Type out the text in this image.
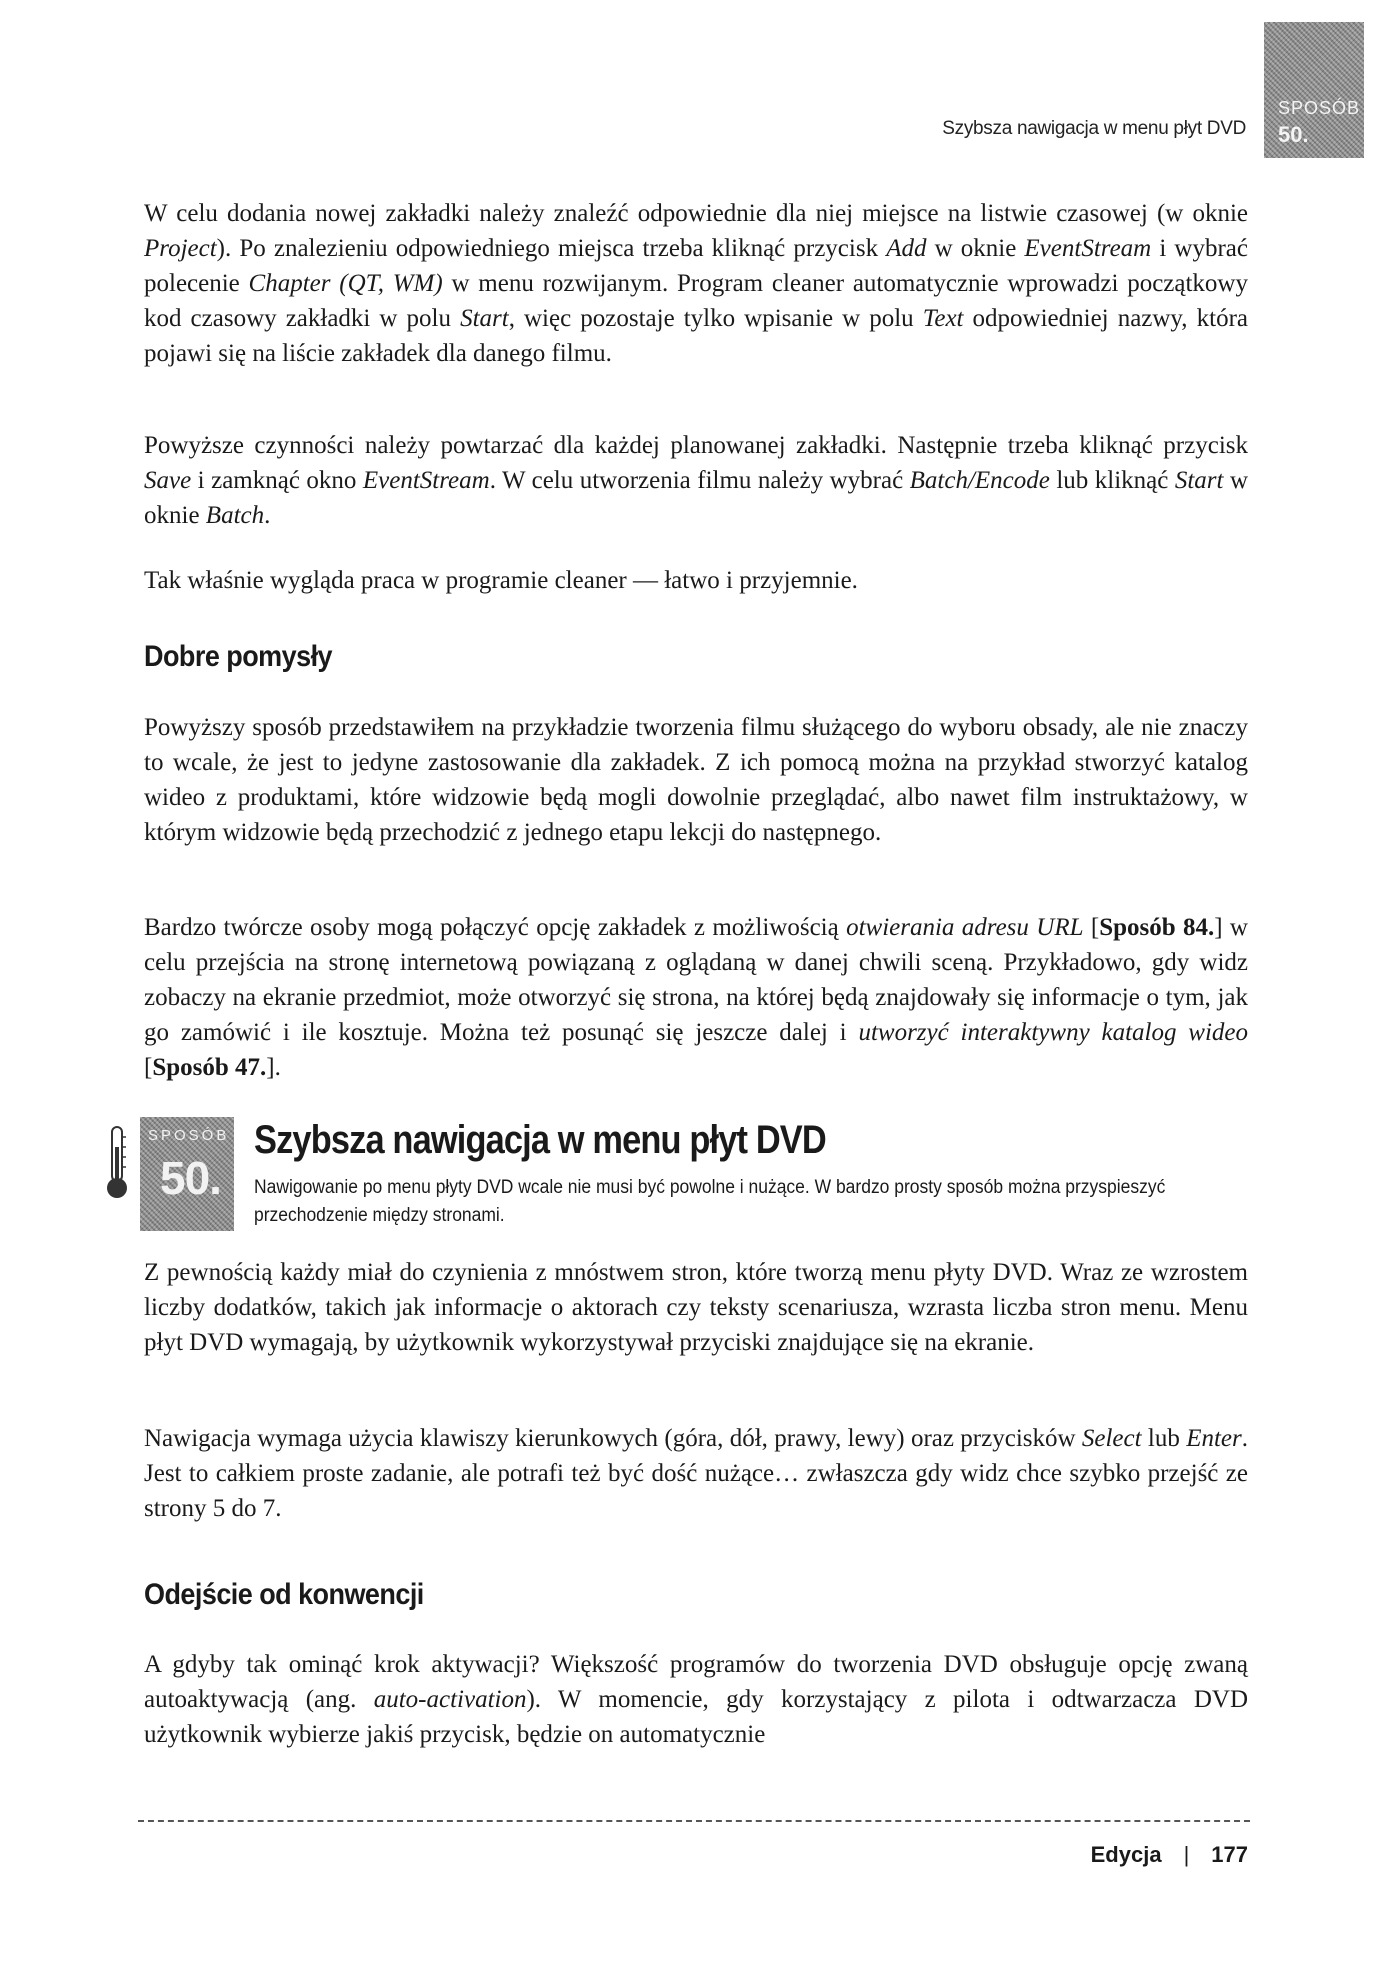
Szybsza nawigacja w menu płyt DVD
SPOSÓB
50.

W celu dodania nowej zakładki należy znaleźć odpowiednie dla niej miejsce na listwie czasowej (w oknie Project). Po znalezieniu odpowiedniego miejsca trzeba kliknąć przycisk Add w oknie EventStream i wybrać polecenie Chapter (QT, WM) w menu rozwijanym. Program cleaner automatycznie wprowadzi początkowy kod czasowy zakładki w polu Start, więc pozostaje tylko wpisanie w polu Text odpowiedniej nazwy, która pojawi się na liście zakładek dla danego filmu.

Powyższe czynności należy powtarzać dla każdej planowanej zakładki. Następnie trzeba kliknąć przycisk Save i zamknąć okno EventStream. W celu utworzenia filmu należy wybrać Batch/Encode lub kliknąć Start w oknie Batch.

Tak właśnie wygląda praca w programie cleaner — łatwo i przyjemnie.

Dobre pomysły

Powyższy sposób przedstawiłem na przykładzie tworzenia filmu służącego do wyboru obsady, ale nie znaczy to wcale, że jest to jedyne zastosowanie dla zakładek. Z ich pomocą można na przykład stworzyć katalog wideo z produktami, które widzowie będą mogli dowolnie przeglądać, albo nawet film instruktażowy, w którym widzowie będą przechodzić z jednego etapu lekcji do następnego.

Bardzo twórcze osoby mogą połączyć opcję zakładek z możliwością otwierania adresu URL [Sposób 84.] w celu przejścia na stronę internetową powiązaną z oglądaną w danej chwili sceną. Przykładowo, gdy widz zobaczy na ekranie przedmiot, może otworzyć się strona, na której będą znajdowały się informacje o tym, jak go zamówić i ile kosztuje. Można też posunąć się jeszcze dalej i utworzyć interaktywny katalog wideo [Sposób 47.].

SPOSÓB
50.
Szybsza nawigacja w menu płyt DVD
Nawigowanie po menu płyty DVD wcale nie musi być powolne i nużące. W bardzo prosty sposób można przyspieszyć przechodzenie między stronami.

Z pewnością każdy miał do czynienia z mnóstwem stron, które tworzą menu płyty DVD. Wraz ze wzrostem liczby dodatków, takich jak informacje o aktorach czy teksty scenariusza, wzrasta liczba stron menu. Menu płyt DVD wymagają, by użytkownik wykorzystywał przyciski znajdujące się na ekranie.

Nawigacja wymaga użycia klawiszy kierunkowych (góra, dół, prawy, lewy) oraz przycisków Select lub Enter. Jest to całkiem proste zadanie, ale potrafi też być dość nużące… zwłaszcza gdy widz chce szybko przejść ze strony 5 do 7.

Odejście od konwencji

A gdyby tak ominąć krok aktywacji? Większość programów do tworzenia DVD obsługuje opcję zwaną autoaktywacją (ang. auto-activation). W momencie, gdy korzystający z pilota i odtwarzacza DVD użytkownik wybierze jakiś przycisk, będzie on automatycznie

Edycja | 177
